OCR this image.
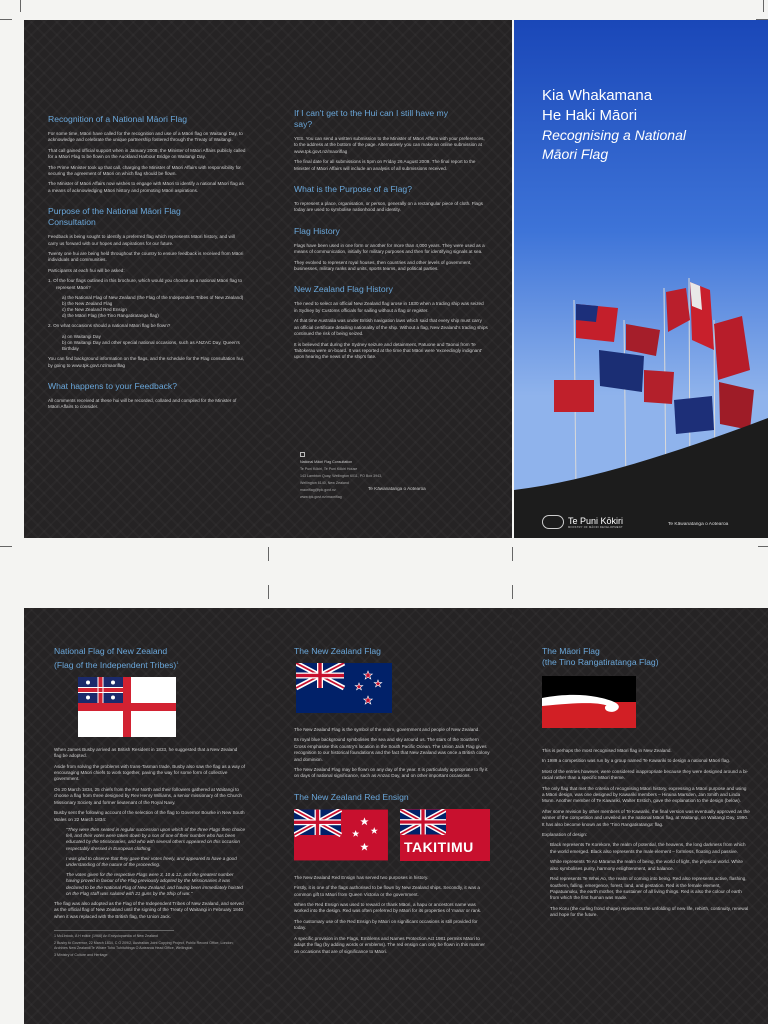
Recognition of a National Māori Flag

For some time, Māori have called for the recognition and use of a Māori flag on Waitangi Day, to acknowledge and celebrate the unique partnership fostered through the Treaty of Waitangi.

That call gained official support when in January 2008, the Minister of Māori Affairs publicly called for a Māori Flag to be flown on the Auckland Harbour Bridge on Waitangi Day.

The Prime Minister took up that call, charging the Minister of Māori Affairs with responsibility for securing the agreement of Māori on which flag should be flown.

The Minister of Māori Affairs now wishes to engage with Māori to identify a national Māori flag as a means of acknowledging Māori history and promoting Māori aspirations.

Purpose of the National Māori Flag Consultation

Feedback is being sought to identify a preferred flag which represents Māori history, and will carry us forward with our hopes and aspirations for our future.

Twenty one hui are being held throughout the country to ensure feedback is received from Māori individuals and communities.

Participants at each hui will be asked:

1. Of the four flags outlined in this brochure, which would you choose as a national Māori flag to represent Māori?
a) the National Flag of New Zealand (the Flag of the Independent Tribes of New Zealand)
b) the New Zealand Flag
c) the New Zealand Red Ensign
d) the Māori Flag (the Tino Rangatiratanga flag)
2. On what occasions should a national Māori flag be flown?
a) on Waitangi Day
b) on Waitangi Day and other special national occasions, such as ANZAC Day, Queen's Birthday

You can find background information on the flags, and the schedule for the Flag consultation hui, by going to www.tpk.govt.nz/maoriflag

What happens to your Feedback?

All comments received at these hui will be recorded, collated and compiled for the Minister of Māori Affairs to consider.

If I can't get to the Hui can I still have my say?

YES. You can send a written submission to the Minister of Māori Affairs with your preferences, to the address at the bottom of the page. Alternatively you can make an online submission at www.tpk.govt.nz/maoriflag

The final date for all submissions is 5pm on Friday 26 August 2009. The final report to the Minister of Māori Affairs will include an analysis of all submissions received.

What is the Purpose of a Flag?

To represent a place, organisation, or person, generally on a rectangular piece of cloth. Flags today are used to symbolise nationhood and identity.

Flag History

Flags have been used in one form or another for more than 4,000 years. They were used as a means of communication, initially for military purposes and then for identifying signals at sea.

They evolved to represent royal houses, then countries and other levels of government, businesses, military ranks and units, sports teams, and political parties.

New Zealand Flag History

The need to select an official New Zealand flag arose in 1830 when a trading ship was seized in Sydney by Customs officials for sailing without a flag or register.

At that time Australia was under British navigation laws which said that every ship must carry an official certificate detailing nationality of the ship. Without a flag, New Zealand's trading ships continued the risk of being seized.

It is believed that during the Sydney seizure and detainment, Patuone and Taonui from Te Taitokerau were on-board. It was reported at the time that Māori were 'exceedingly indignant' upon hearing the news of the ship's fate.

National Māori Flag Consultation
Te Puni Kōkiri, Te Puni Kōkiri House
143 Lambton Quay, Wellington 6011, PO Box 3943,
Wellington 6140, New Zealand
maoriflag@tpk.govt.nz
www.tpk.govt.nz/maoriflag
Te Kāwanatanga o Aotearoa
Kia Whakamana
He Haki Māori
Recognising a National
Māori Flag
Te Puni Kōkiri
MINISTRY OF MĀORI DEVELOPMENT	Te Kāwanatanga o Aotearoa
National Flag of New Zealand
(Flag of the Independent Tribes)$^1$

When James Busby arrived as British Resident in 1833, he suggested that a New Zealand flag be adopted.

Aside from solving the problems with trans-Tasman trade, Busby also saw the flag as a way of encouraging Māori chiefs to work together, paving the way for some form of collective government.

On 20 March 1834, 25 chiefs from the Far North and their followers gathered at Waitangi to choose a flag from three designed by Rev Henry Williams, a senior missionary of the Church Missionary Society and former lieutenant of the Royal Navy.

Busby sent the following account of the selection of the flag to Governor Bourke in New South Wales on 22 March 1834:

"They were then seated in regular succession upon which of the three Flags then choice fell, and their votes were taken down by a son of one of their number who has been educated by the Missionaries, and who with several others appeared on this occasion respectably dressed in European clothing.
I was glad to observe that they gave their votes freely, and appeared to have a good understanding of the nature of the proceeding.
The votes given for the respective Flags were 3, 10 & 12, and the greatest number having proved in favour of the Flag previously adopted by the Missionaries it was declared to be the National Flag of New Zealand, and having been immediately hoisted on the Flag staff was saluted with 21 guns by the Ship of war."

The flag was also adopted as the Flag of the Independent Tribes of New Zealand, and served as the official flag of New Zealand until the signing of the Treaty of Waitangi in February 1840 when it was replaced with the British flag, the Union Jack.

1 McLintock, A H editor (1966) An Encyclopaedia of New Zealand
2 Busby to Governor, 22 March 1834, C O 209/2, Australian Joint Copying Project, Public Record Office, London; Archives New Zealand/Te Whare Tohu Tuhituhinga O Aotearoa Head Office, Wellington
3 Ministry of Culture and Heritage
The New Zealand Flag

The New Zealand Flag is the symbol of the realm, government and people of New Zealand.

Its royal blue background symbolises the sea and sky around us. The stars of the Southern Cross emphasise this country's location in the South Pacific Ocean. The Union Jack Flag gives recognition to our historical foundations and the fact that New Zealand was once a British colony and dominion.

The New Zealand Flag may be flown on any day of the year. It is particularly appropriate to fly it on days of national significance, such as Anzac Day, and on other important occasions.

The New Zealand Red Ensign
TAKITIMU

The New Zealand Red Ensign has served two purposes in history.

Firstly, it is one of the flags authorised to be flown by New Zealand ships. Secondly, it was a common gift to Māori from Queen Victoria or the government.

When the Red Ensign was used to reward or thank Māori, a hapu or ancestors name was worked into the design. Red was often preferred by Māori for its properties of 'mana' or rank.

The customary use of the Red Ensign by Māori on significant occasions is still provided for today.

A specific provision in the Flags, Emblems and Names Protection Act 1981 permits Māori to adapt the flag (by adding words or emblems). The red ensign can only be flown in this manner on occasions that are of significance to Māori.

The Māori Flag
(the Tino Rangatiratanga Flag)

This is perhaps the most recognised Māori flag in New Zealand.

In 1989 a competition was run by a group named Te Kawariki to design a national Māori flag.

Most of the entries however, were considered inappropriate because they were designed around a bi-racial rather than a specific Māori theme.

The only flag that met the criteria of recognising Māori history, expressing a Māori purpose and using a Māori design, was one designed by Kawariki members – Hiraina Marsden, Jan Smith and Linda Munn. Another member of Te Kawariki, Walter Erstich, gave the explanation to the design (below).

After some revision by other members of Te Kawariki, the final version was eventually approved as the winner of the competition and unveiled as the national Māori flag, at Waitangi, on Waitangi Day, 1990. It has also become known as the 'Tino Rangatiratanga' flag.

Explanation of design:

Black represents Te Korekore, the realm of potential, the heavens, the long darkness from which the world emerged. Black also represents the male element – formless, floating and passive.

White represents Te Ao Mārama the realm of being, the world of light, the physical world. White also symbolises purity, harmony enlightenment, and balance.

Red represents Te Whei Ao, the realm of coming into being. Red also represents active, flashing, southern, falling, emergence, forest, land, and gestation. Red is the female element, Papatuanuku, the earth mother, the sustainer of all living things. Red is also the colour of earth from which the first human was made.

The Koru (the curling frond shape) represents the unfolding of new life, rebirth, continuity, renewal and hope for the future.
